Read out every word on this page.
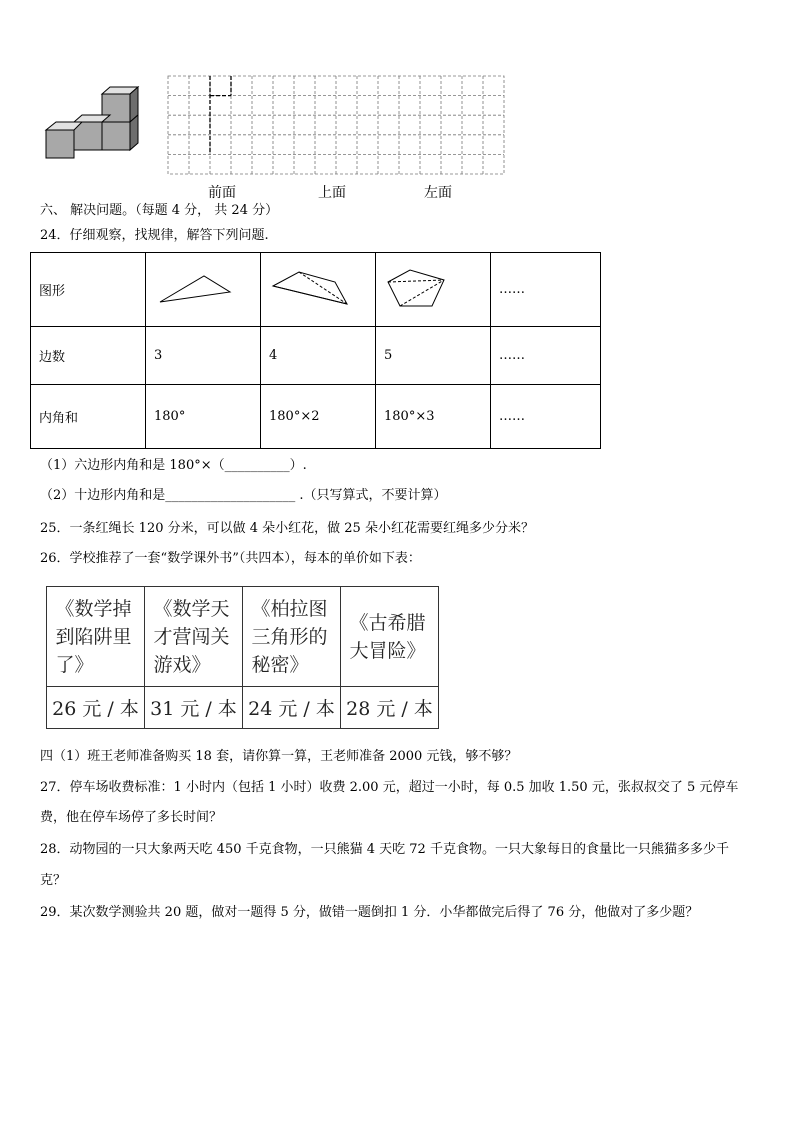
前面	上面	左面
六、 解决问题。（每题 4 分， 共 24 分）
24．仔细观察，找规律，解答下列问题.
图形				……
边数	3	4	5	……
内角和	180°	180°×2	180°×3	……
（1）六边形内角和是 180°×（__________）.
（2）十边形内角和是____________________ .（只写算式，不要计算）
25．一条红绳长 120 分米，可以做 4 朵小红花，做 25 朵小红花需要红绳多少分米？
26．学校推荐了一套“数学课外书”（共四本），每本的单价如下表：
《数学掉到陷阱里了》	《数学天才营闯关游戏》	《柏拉图三角形的秘密》	《古希腊大冒险》
26 元 / 本	31 元 / 本	24 元 / 本	28 元 / 本
四（1）班王老师准备购买 18 套，请你算一算，王老师准备 2000 元钱，够不够？
27．停车场收费标准：1 小时内（包括 1 小时）收费 2.00 元，超过一小时，每 0.5 加收 1.50 元，张叔叔交了 5 元停车
费，他在停车场停了多长时间？
28．动物园的一只大象两天吃 450 千克食物，一只熊猫 4 天吃 72 千克食物。一只大象每日的食量比一只熊猫多多少千
克？
29．某次数学测验共 20 题，做对一题得 5 分，做错一题倒扣 1 分．小华都做完后得了 76 分，他做对了多少题？
